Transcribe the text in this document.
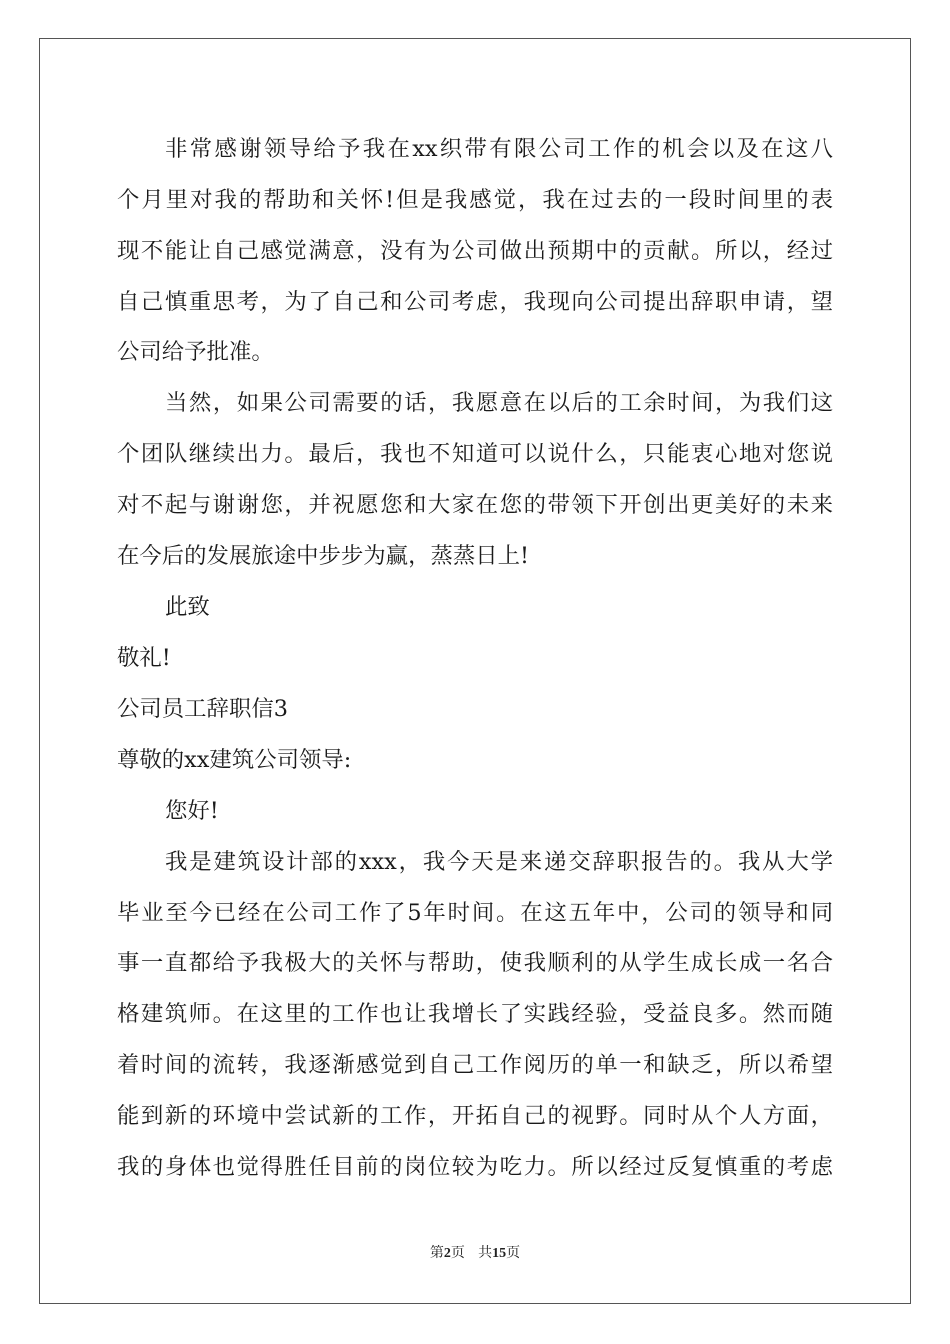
非常感谢领导给予我在xx织带有限公司工作的机会以及在这八
个月里对我的帮助和关怀!但是我感觉，我在过去的一段时间里的表
现不能让自己感觉满意，没有为公司做出预期中的贡献。所以，经过
自己慎重思考，为了自己和公司考虑，我现向公司提出辞职申请，望
公司给予批准。
当然，如果公司需要的话，我愿意在以后的工余时间，为我们这
个团队继续出力。最后，我也不知道可以说什么，只能衷心地对您说
对不起与谢谢您，并祝愿您和大家在您的带领下开创出更美好的未来
在今后的发展旅途中步步为赢，蒸蒸日上!
此致
敬礼!
公司员工辞职信3
尊敬的xx建筑公司领导:
您好!
我是建筑设计部的xxx，我今天是来递交辞职报告的。我从大学
毕业至今已经在公司工作了5年时间。在这五年中，公司的领导和同
事一直都给予我极大的关怀与帮助，使我顺利的从学生成长成一名合
格建筑师。在这里的工作也让我增长了实践经验，受益良多。然而随
着时间的流转，我逐渐感觉到自己工作阅历的单一和缺乏，所以希望
能到新的环境中尝试新的工作，开拓自己的视野。同时从个人方面，
我的身体也觉得胜任目前的岗位较为吃力。所以经过反复慎重的考虑
第2页 共15页
